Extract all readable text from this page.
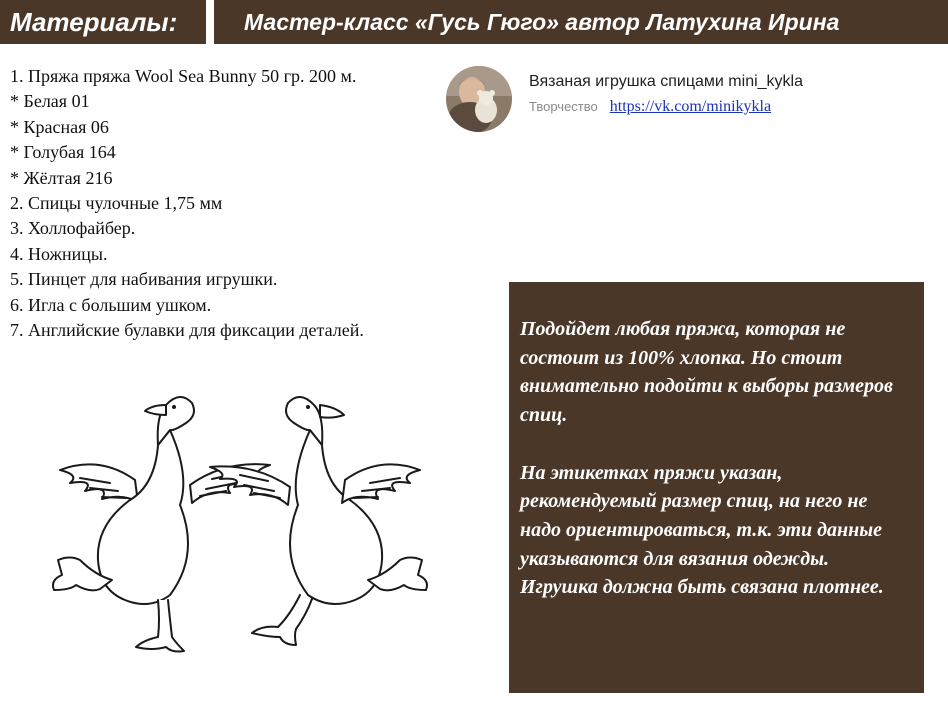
Материалы:	Мастер-класс «Гусь Гюго» автор Латухина Ирина
1. Пряжа пряжа Wool Sea Bunny 50 гр. 200 м.
* Белая 01
* Красная 06
* Голубая 164
* Жёлтая 216
2. Спицы чулочные 1,75 мм
3. Холлофайбер.
4. Ножницы.
5. Пинцет для набивания игрушки.
6. Игла с большим ушком.
7. Английские булавки для фиксации деталей.
Вязаная игрушка спицами mini_kykla
Творчество https://vk.com/minikykla

Подойдет любая пряжа, которая не состоит из 100% хлопка. Но стоит внимательно подойти к выборы размеров спиц.

На этикетках пряжи указан, рекомендуемый размер спиц, на него не надо ориентироваться, т.к. эти данные указываются для вязания одежды. Игрушка должна быть связана плотнее.
